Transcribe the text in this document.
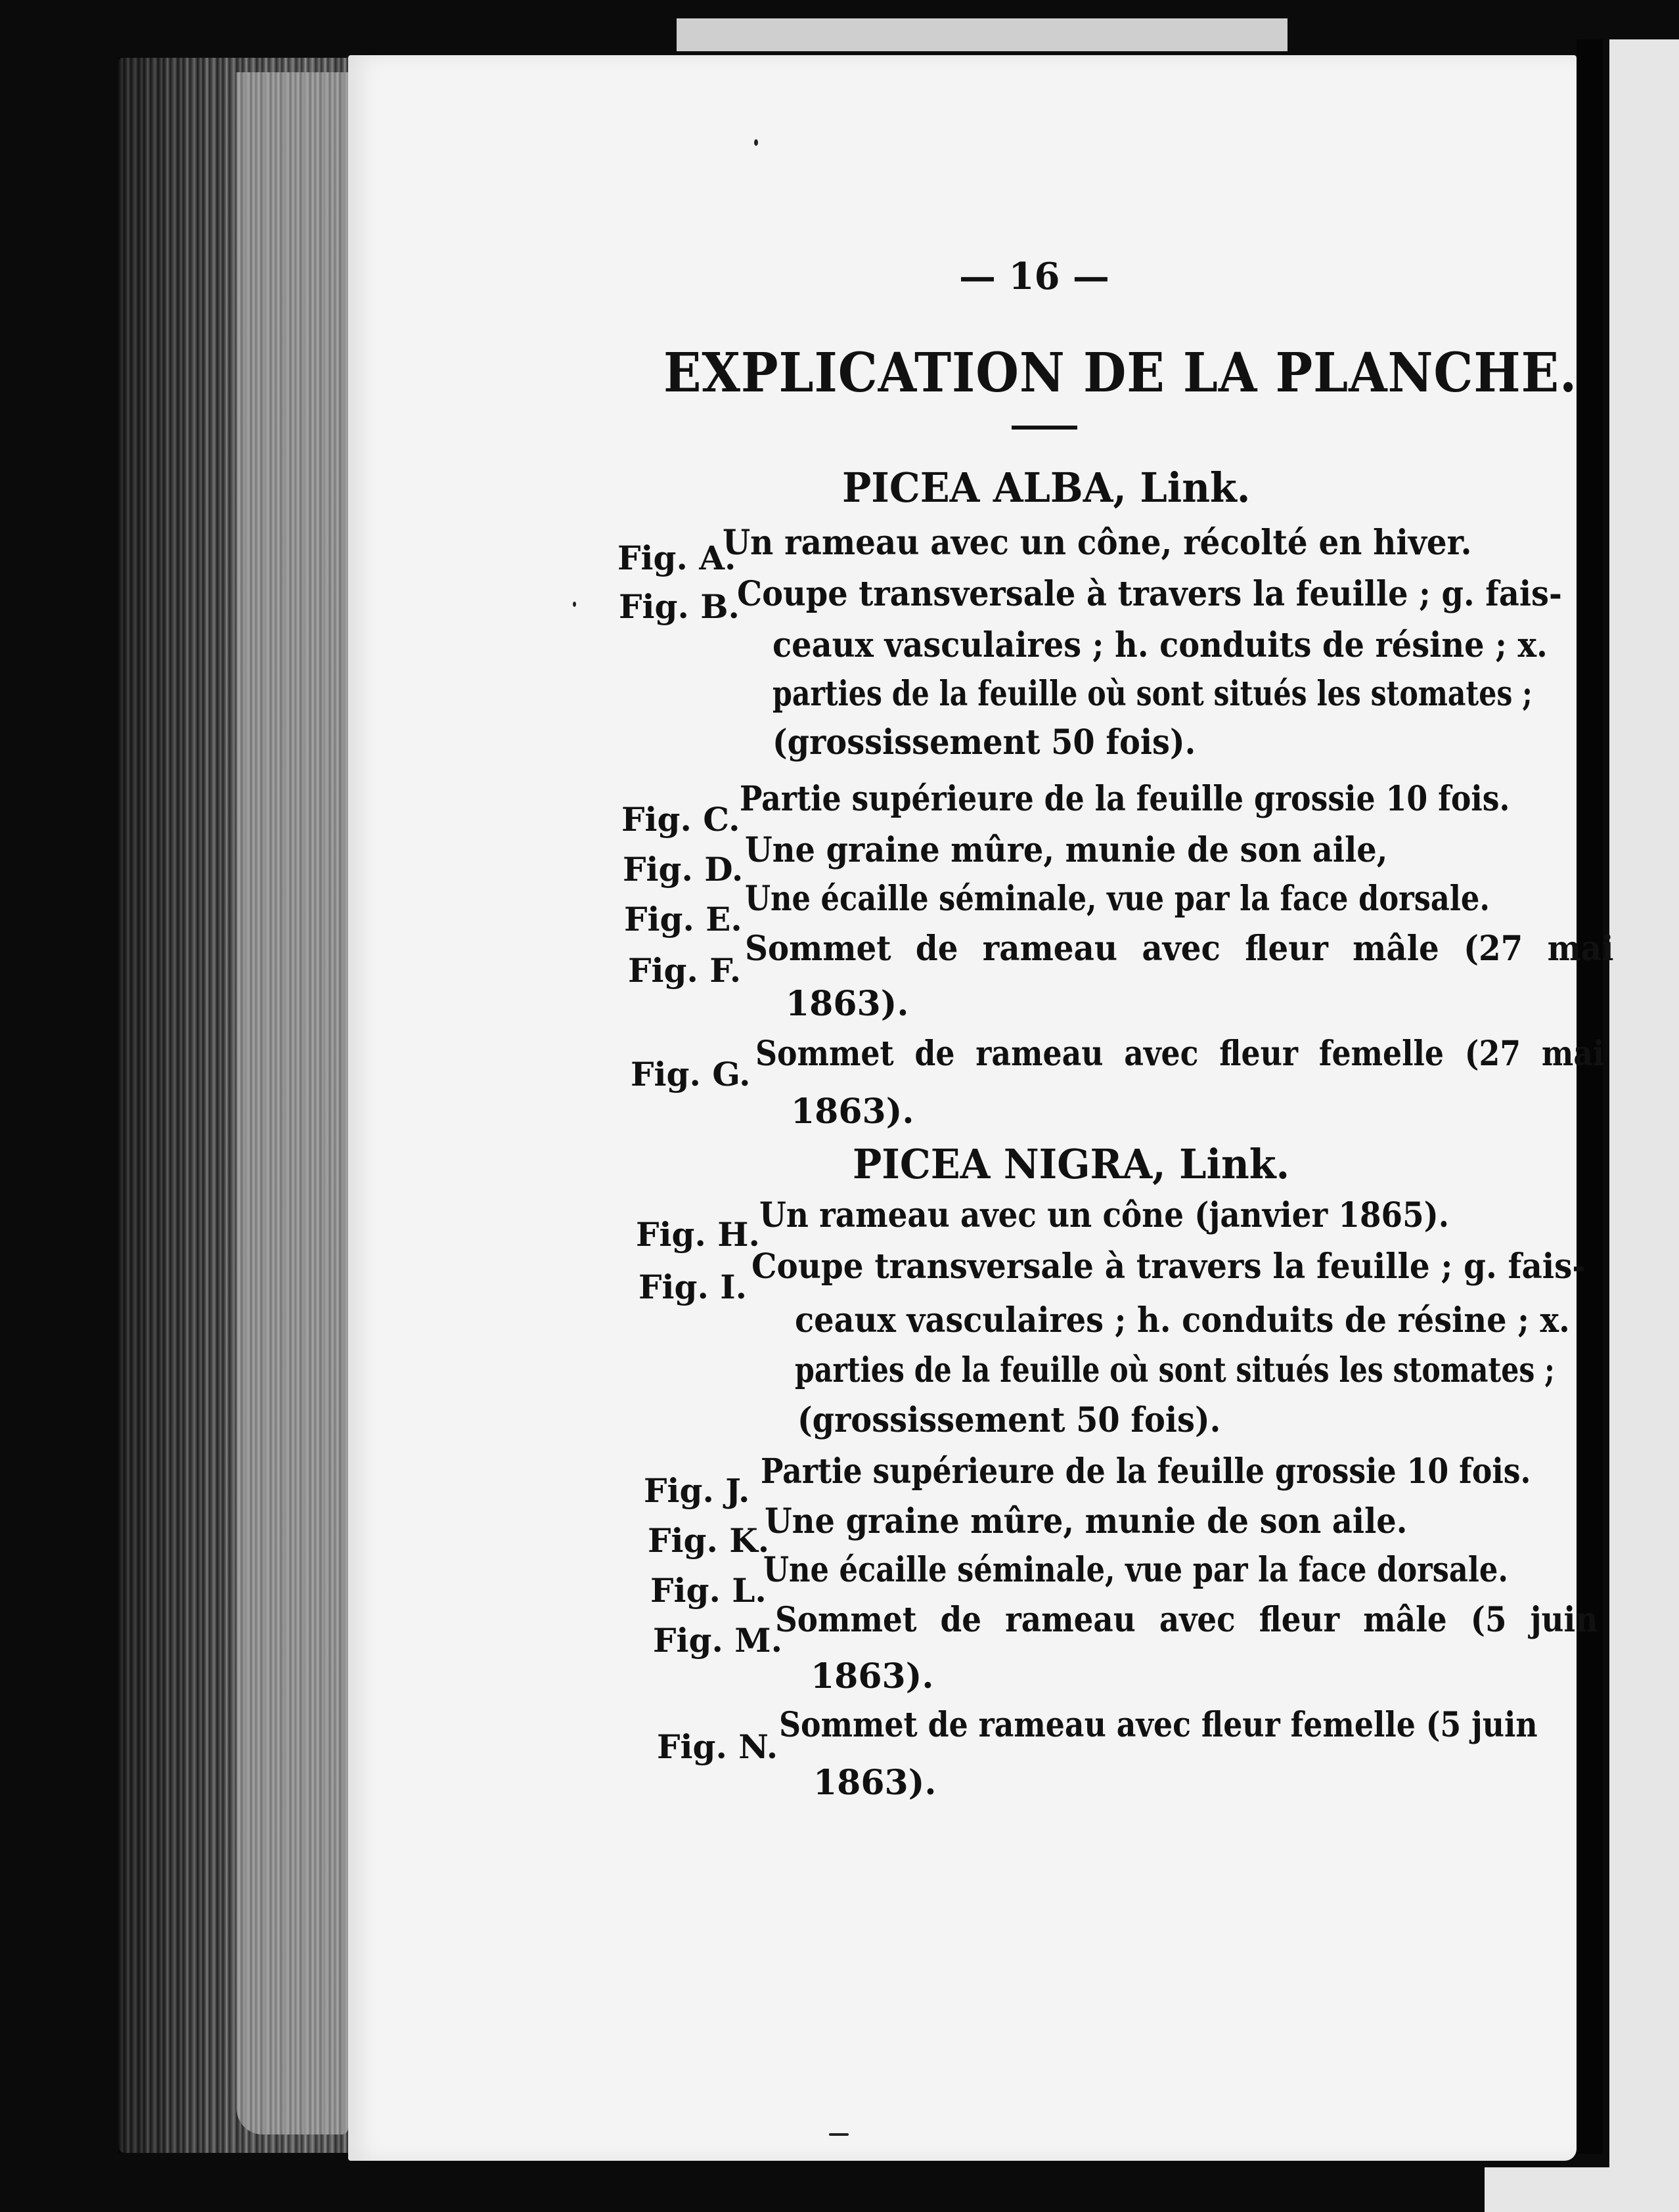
— 16 —
EXPLICATION DE LA PLANCHE.
PICEA ALBA, Link.
Fig. A.
Un rameau avec un cône, récolté en hiver.
Fig. B.
Coupe transversale à travers la feuille ; g. fais-
ceaux vasculaires ; h. conduits de résine ; x.
parties de la feuille où sont situés les stomates ;
(grossissement 50 fois).
Fig. C.
Partie supérieure de la feuille grossie 10 fois.
Fig. D. Une graine mûre, munie de son aile,
Fig. E.
Une écaille séminale, vue par la face dorsale.
Fig. F.
Sommet de rameau avec fleur mâle (27 mai
1863).
Fig. G.
Sommet de rameau avec fleur femelle (27 mai
1863).
PICEA NIGRA, Link.
Fig. H. Un rameau avec un cône (janvier 1865).
Fig. I.
Coupe transversale à travers la feuille ; g. fais-
ceaux vasculaires ; h. conduits de résine ; x.
parties de la feuille où sont situés les stomates ;
(grossissement 50 fois).
Fig. J. Partie supérieure de la feuille grossie 10 fois.
Fig. K.
Une graine mûre, munie de son aile.
Fig. L.
Une écaille séminale, vue par la face dorsale.
Fig. M.
Sommet de rameau avec fleur mâle (5 juin
1863).
Fig. N.
Sommet de rameau avec fleur femelle (5 juin
1863).
